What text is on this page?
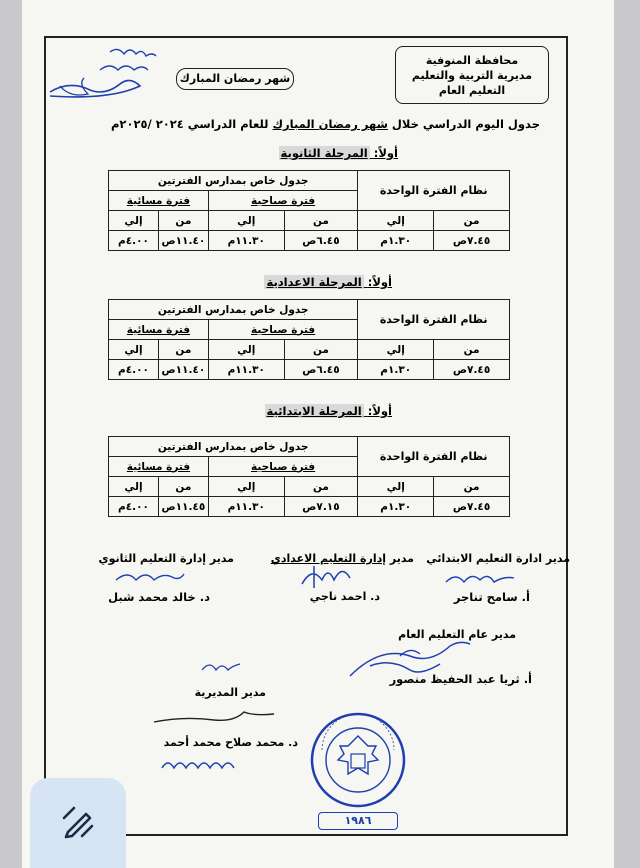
محافظة المنوفية
مديرية التربية والتعليم
التعليم العام
شهر رمضان المبارك
جدول اليوم الدراسي خلال شهر رمضان المبارك للعام الدراسي ٢٠٢٤ /٢٠٢٥م
أولاً: المرحلة الثانوية
نظام الفترة الواحدة		جدول خاص بمدارس الفترتين			
		فترة صباحية		فترة مسائية	
من	إلي	من	إلي	من	إلي
٧.٤٥ص	١.٣٠م	٦.٤٥ص	١١.٣٠م	١١.٤٠ص	٤.٠٠م
أولاً: المرحلة الاعدادية
نظام الفترة الواحدة		جدول خاص بمدارس الفترتين			
		فترة صباحية		فترة مسائية	
من	إلي	من	إلي	من	إلي
٧.٤٥ص	١.٣٠م	٦.٤٥ص	١١.٣٠م	١١.٤٠ص	٤.٠٠م
أولاً: المرحلة الابتدائية
نظام الفترة الواحدة		جدول خاص بمدارس الفترتين			
		فترة صباحية		فترة مسائية	
من	إلي	من	إلي	من	إلي
٧.٤٥ص	١.٣٠م	٧.١٥ص	١١.٣٠م	١١.٤٥ص	٤.٠٠م
مدير ادارة التعليم الابتدائي
مدير إدارة التعليم الاعدادي
مدير إدارة التعليم الثانوي
أ. سامح تناجر
د. احمد ناجي
د. خالد محمد شبل
مدير عام التعليم العام
أ. ثريا عبد الحفيظ منصور
مدير المديرية
د. محمد صلاح محمد أحمد
١٩٨٦
